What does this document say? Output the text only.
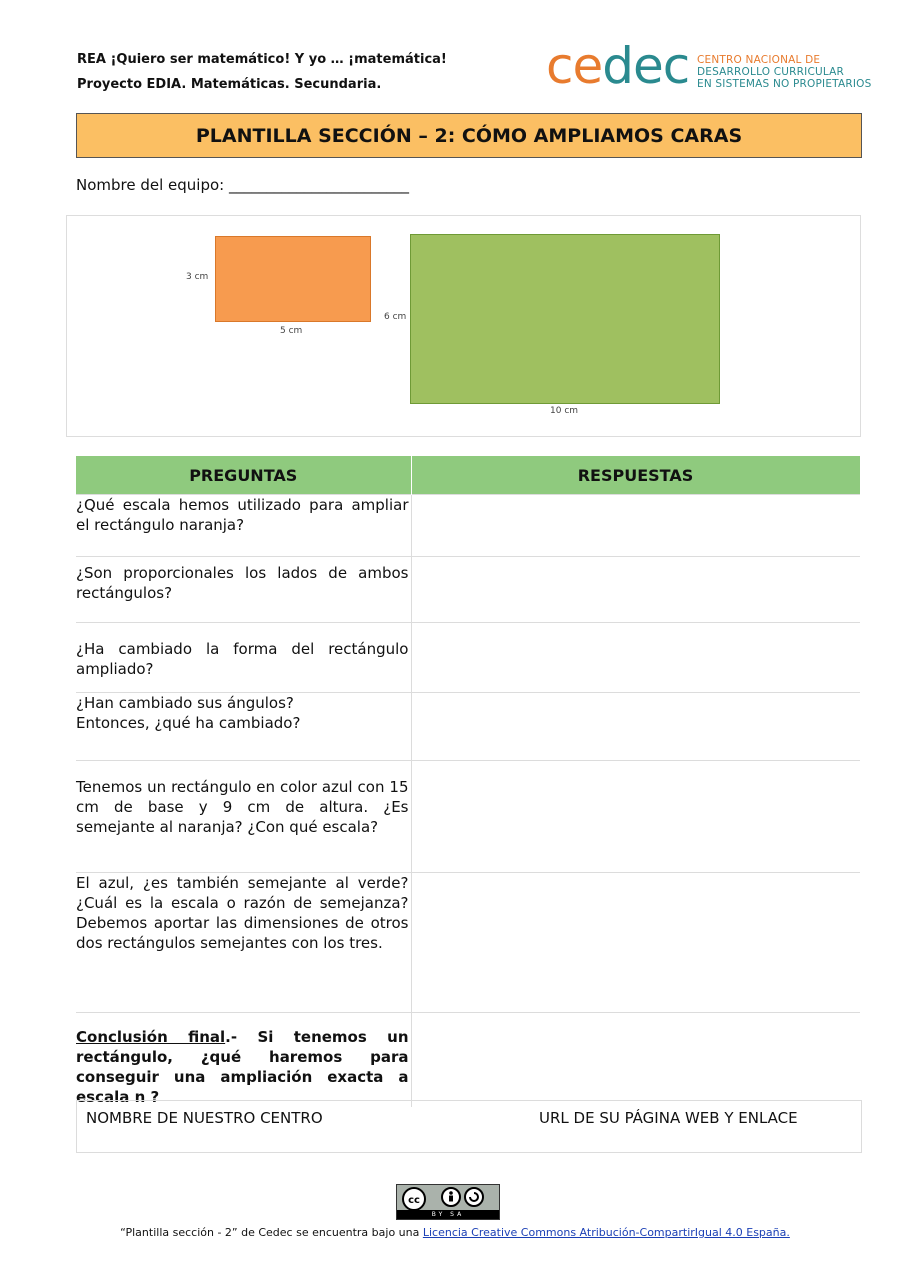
REA ¡Quiero ser matemático! Y yo … ¡matemática!
Proyecto EDIA. Matemáticas. Secundaria.	cedec CENTRO NACIONAL DE
DESARROLLO CURRICULAR
EN SISTEMAS NO PROPIETARIOS
PLANTILLA SECCIÓN – 2: CÓMO AMPLIAMOS CARAS
Nombre del equipo: ________________________
3 cm
5 cm
6 cm
10 cm
PREGUNTAS	RESPUESTAS
¿Qué escala hemos utilizado para ampliar el rectángulo naranja?	
¿Son proporcionales los lados de ambos rectángulos?	
¿Ha cambiado la forma del rectángulo ampliado?	
¿Han cambiado sus ángulos?
Entonces, ¿qué ha cambiado?	
Tenemos un rectángulo en color azul con 15 cm de base y 9 cm de altura. ¿Es semejante al naranja? ¿Con qué escala?	
El azul, ¿es también semejante al verde? ¿Cuál es la escala o razón de semejanza? Debemos aportar las dimensiones de otros dos rectángulos semejantes con los tres.	
Conclusión final.- Si tenemos un rectángulo, ¿qué haremos para conseguir una ampliación exacta a escala n ?	
NOMBRE DE NUESTRO CENTRO	URL DE SU PÁGINA WEB Y ENLACE
cc
BY SA
“Plantilla sección - 2” de Cedec se encuentra bajo una Licencia Creative Commons Atribución-CompartirIgual 4.0 España.
